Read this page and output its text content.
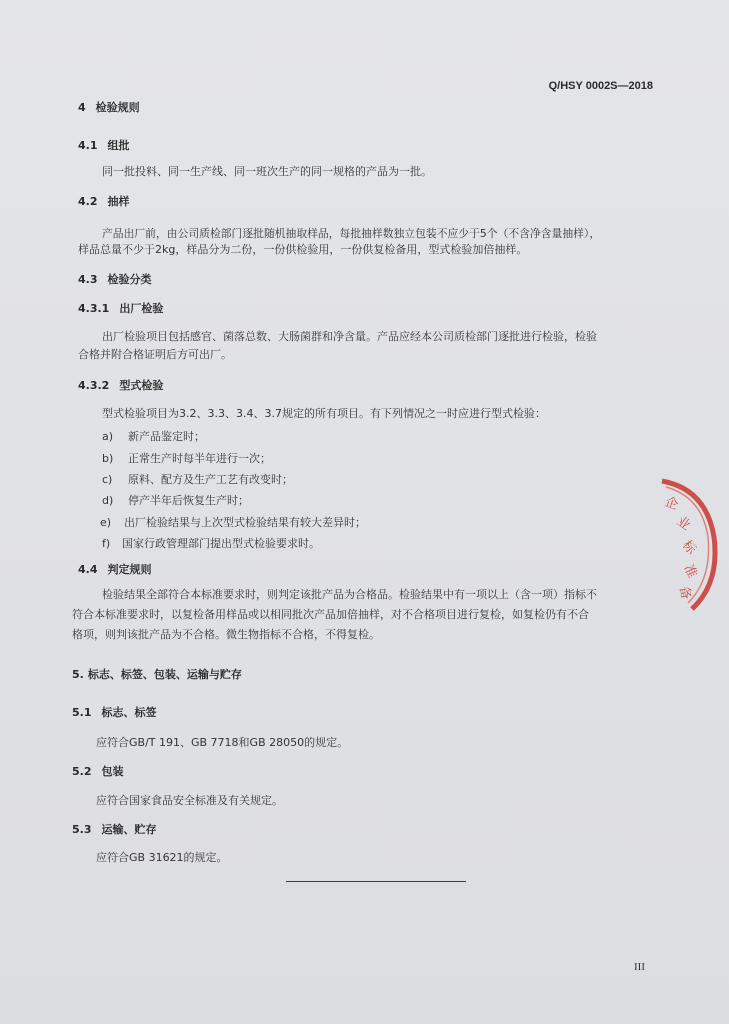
Q/HSY 0002S—2018
4 检验规则
4.1 组批
同一批投料、同一生产线、同一班次生产的同一规格的产品为一批。
4.2 抽样
产品出厂前，由公司质检部门逐批随机抽取样品，每批抽样数独立包装不应少于5个（不含净含量抽样），
样品总量不少于2kg，样品分为二份，一份供检验用，一份供复检备用，型式检验加倍抽样。
4.3 检验分类
4.3.1 出厂检验
出厂检验项目包括感官、菌落总数、大肠菌群和净含量。产品应经本公司质检部门逐批进行检验，检验
合格并附合格证明后方可出厂。
4.3.2 型式检验
型式检验项目为3.2、3.3、3.4、3.7规定的所有项目。有下列情况之一时应进行型式检验：
a) 新产品鉴定时；
b) 正常生产时每半年进行一次；
c) 原料、配方及生产工艺有改变时；
d) 停产半年后恢复生产时；
e) 出厂检验结果与上次型式检验结果有较大差异时；
f) 国家行政管理部门提出型式检验要求时。
4.4 判定规则
检验结果全部符合本标准要求时，则判定该批产品为合格品。检验结果中有一项以上（含一项）指标不
符合本标准要求时，以复检备用样品或以相同批次产品加倍抽样，对不合格项目进行复检，如复检仍有不合
格项，则判该批产品为不合格。微生物指标不合格，不得复检。
5. 标志、标签、包装、运输与贮存
5.1 标志、标签
应符合GB/T 191、GB 7718和GB 28050的规定。
5.2 包装
应符合国家食品安全标准及有关规定。
5.3 运输、贮存
应符合GB 31621的规定。
III
企
业
标
准
备
